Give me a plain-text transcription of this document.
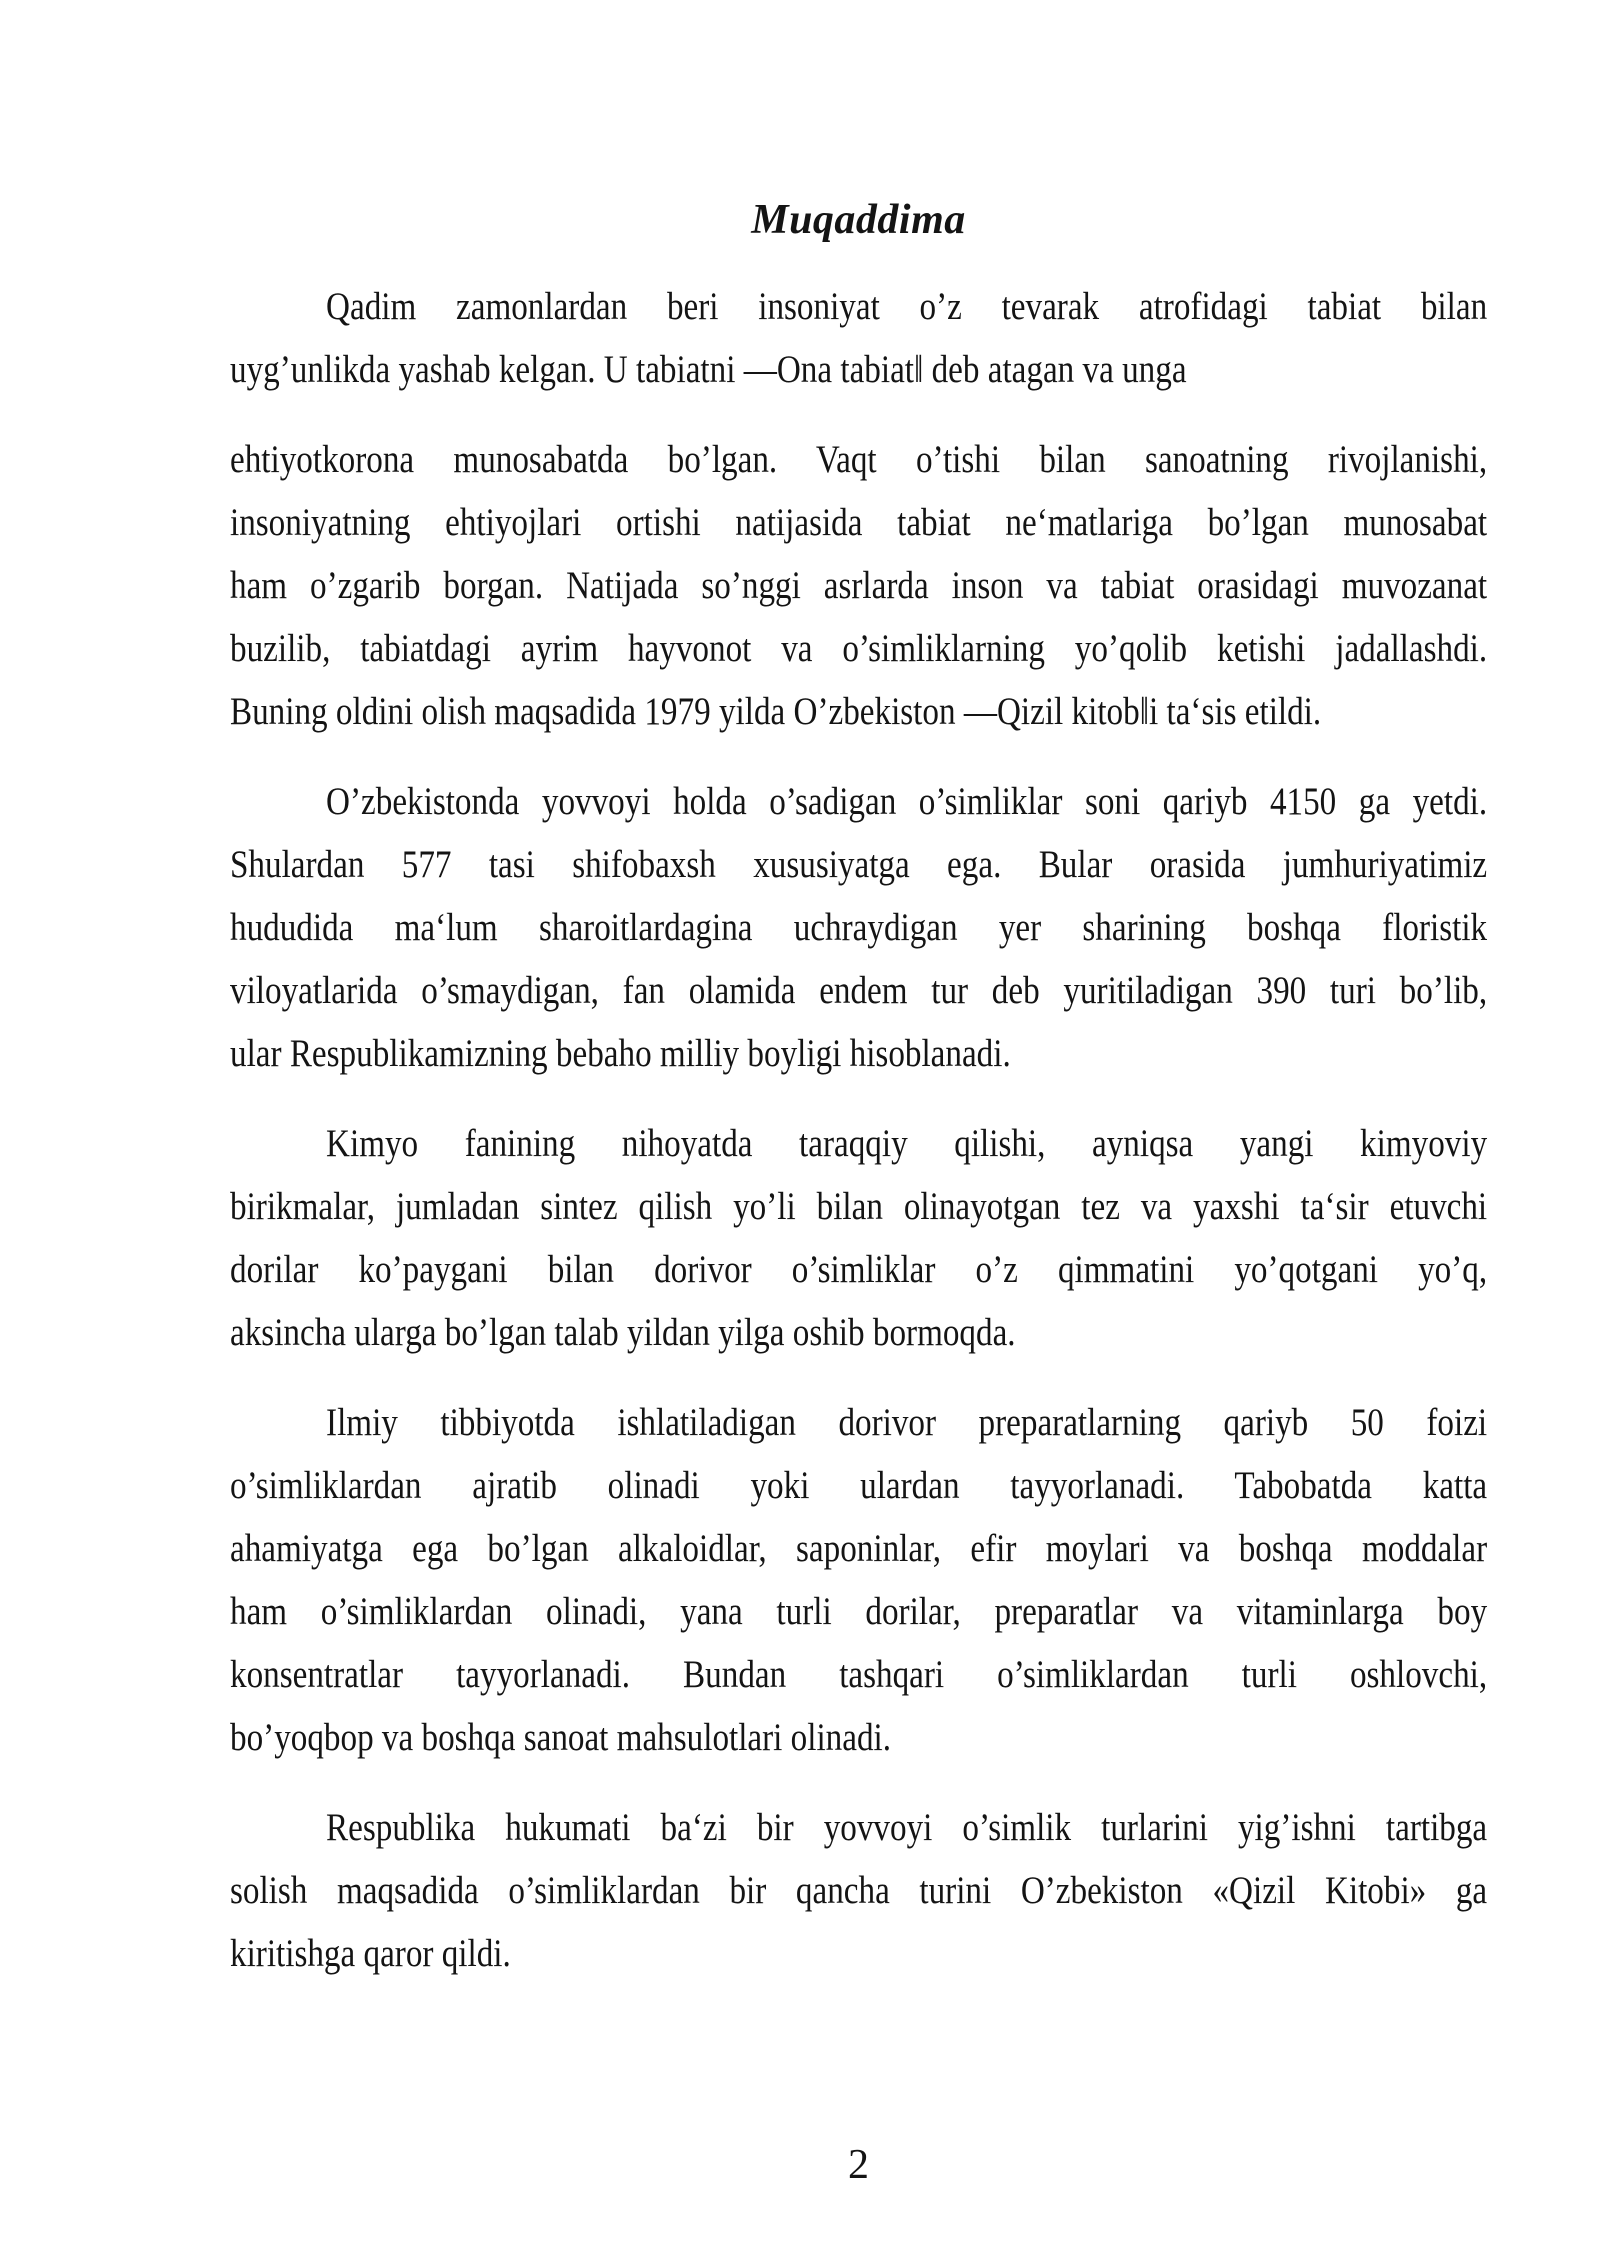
Muqaddima
Qadim zamonlardan beri insoniyat o’z tevarak atrofidagi tabiat bilan
uyg’unlikda yashab kelgan. U tabiatni —Ona tabiat‖ deb atagan va unga
ehtiyotkorona munosabatda bo’lgan. Vaqt o’tishi bilan sanoatning rivojlanishi,
insoniyatning ehtiyojlari ortishi natijasida tabiat ne‘matlariga bo’lgan munosabat
ham o’zgarib borgan. Natijada so’nggi asrlarda inson va tabiat orasidagi muvozanat
buzilib, tabiatdagi ayrim hayvonot va o’simliklarning yo’qolib ketishi jadallashdi.
Buning oldini olish maqsadida 1979 yilda O’zbekiston —Qizil kitob‖i ta‘sis etildi.
O’zbekistonda yovvoyi holda o’sadigan o’simliklar soni qariyb 4150 ga yetdi.
Shulardan 577 tasi shifobaxsh xususiyatga ega. Bular orasida jumhuriyatimiz
hududida ma‘lum sharoitlardagina uchraydigan yer sharining boshqa floristik
viloyatlarida o’smaydigan, fan olamida endem tur deb yuritiladigan 390 turi bo’lib,
ular Respublikamizning bebaho milliy boyligi hisoblanadi.
Kimyo fanining nihoyatda taraqqiy qilishi, ayniqsa yangi kimyoviy
birikmalar, jumladan sintez qilish yo’li bilan olinayotgan tez va yaxshi ta‘sir etuvchi
dorilar ko’paygani bilan dorivor o’simliklar o’z qimmatini yo’qotgani yo’q,
aksincha ularga bo’lgan talab yildan yilga oshib bormoqda.
Ilmiy tibbiyotda ishlatiladigan dorivor preparatlarning qariyb 50 foizi
o’simliklardan ajratib olinadi yoki ulardan tayyorlanadi. Tabobatda katta
ahamiyatga ega bo’lgan alkaloidlar, saponinlar, efir moylari va boshqa moddalar
ham o’simliklardan olinadi, yana turli dorilar, preparatlar va vitaminlarga boy
konsentratlar tayyorlanadi. Bundan tashqari o’simliklardan turli oshlovchi,
bo’yoqbop va boshqa sanoat mahsulotlari olinadi.
Respublika hukumati ba‘zi bir yovvoyi o’simlik turlarini yig’ishni tartibga
solish maqsadida o’simliklardan bir qancha turini O’zbekiston «Qizil Kitobi» ga
kiritishga qaror qildi.
2
